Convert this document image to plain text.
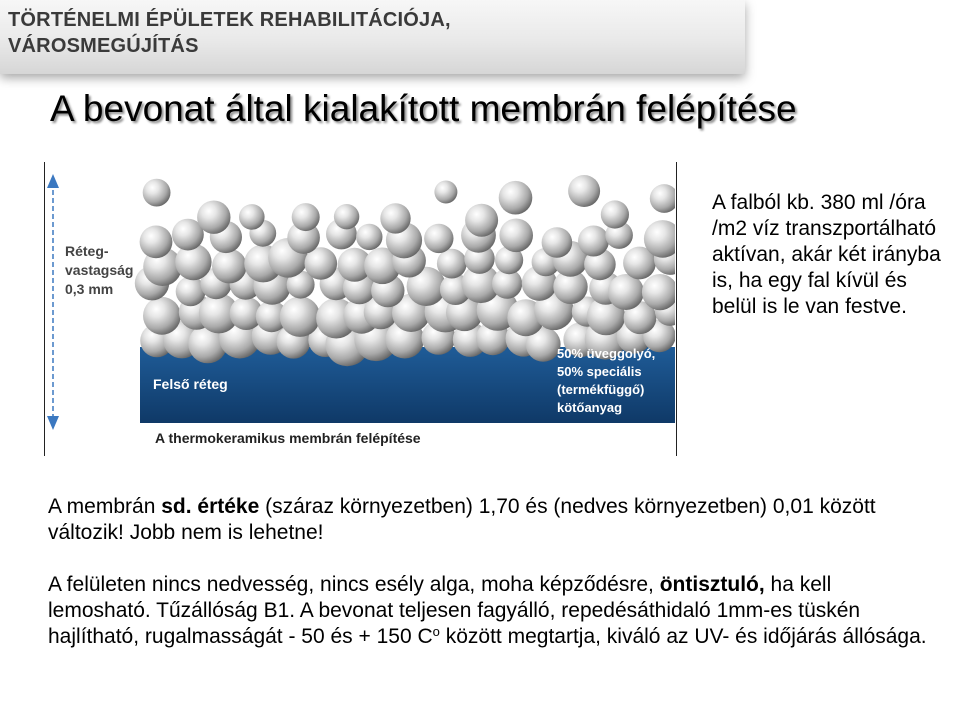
TÖRTÉNELMI ÉPÜLETEK REHABILITÁCIÓJA,
VÁROSMEGÚJÍTÁS
A bevonat által kialakított membrán felépítése
Réteg-
vastagság
0,3 mm
Felső réteg
50% üveggolyó,
50% speciális
(termékfüggő)
kötőanyag
A thermokeramikus membrán felépítése
A falból kb. 380 ml /óra /m2 víz transzportálható aktívan, akár két irányba is, ha egy fal kívül és belül is le van festve.
A membrán sd. értéke (száraz környezetben) 1,70 és (nedves környezetben) 0,01 között változik! Jobb nem is lehetne!
A felületen nincs nedvesség, nincs esély alga, moha képződésre, öntisztuló, ha kell lemosható. Tűzállóság B1. A bevonat teljesen fagyálló, repedésáthidaló 1mm-es tüskén hajlítható, rugalmasságát - 50 és + 150 $C^o$ között megtartja, kiváló az UV- és időjárás állósága.
